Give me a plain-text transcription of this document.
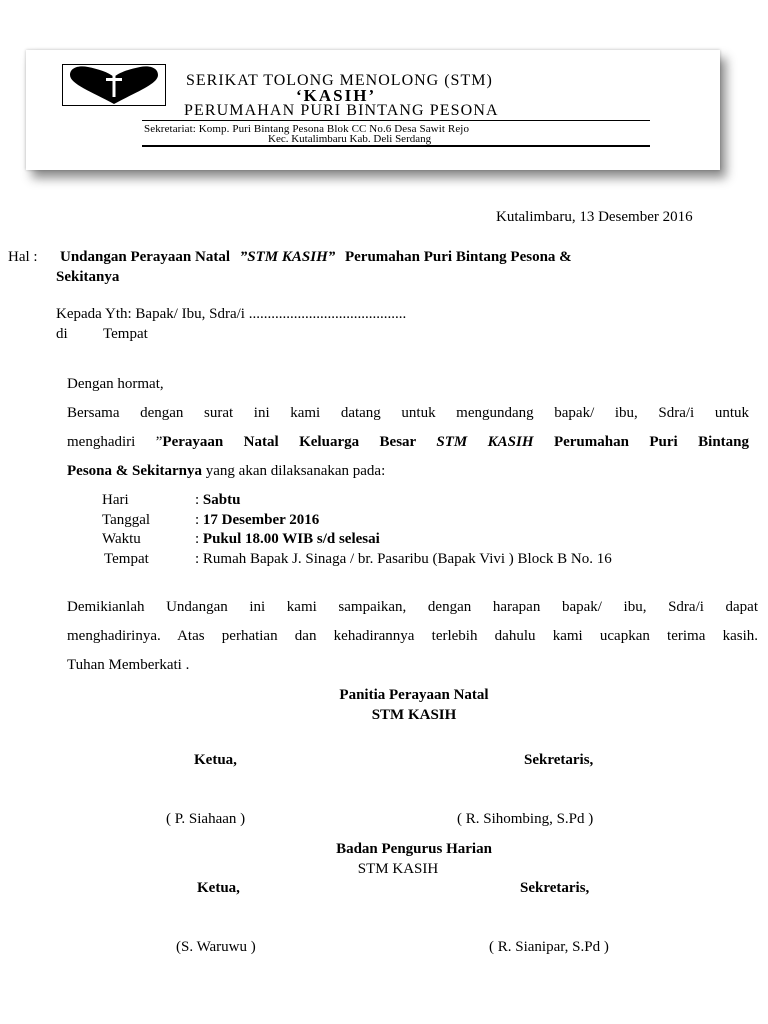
SERIKAT TOLONG MENOLONG (STM)
‘KASIH’
PERUMAHAN PURI BINTANG PESONA
Sekretariat: Komp. Puri Bintang Pesona Blok CC No.6 Desa Sawit Rejo
Kec. Kutalimbaru Kab. Deli Serdang
Kutalimbaru, 13 Desember 2016
Hal : Undangan Perayaan Natal ”STM KASIH” Perumahan Puri Bintang Pesona &
Sekitanya
Kepada Yth: Bapak/ Ibu, Sdra/i ..........................................
di Tempat
Dengan hormat,
Bersama dengan surat ini kami datang untuk mengundang bapak/ ibu, Sdra/i untuk
menghadiri ”Perayaan Natal Keluarga Besar STM KASIH Perumahan Puri Bintang
Pesona & Sekitarnya yang akan dilaksanakan pada:
Hari	: Sabtu
Tanggal	: 17 Desember 2016
Waktu	: Pukul 18.00 WIB s/d selesai
Tempat	: Rumah Bapak J. Sinaga / br. Pasaribu (Bapak Vivi ) Block B No. 16
Demikianlah Undangan ini kami sampaikan, dengan harapan bapak/ ibu, Sdra/i dapat
menghadirinya. Atas perhatian dan kehadirannya terlebih dahulu kami ucapkan terima kasih.
Tuhan Memberkati .
Panitia Perayaan Natal
STM KASIH
Ketua,	Sekretaris,
( P. Siahaan )	( R. Sihombing, S.Pd )
Badan Pengurus Harian
STM KASIH
Ketua,	Sekretaris,
(S. Waruwu )	( R. Sianipar, S.Pd )
